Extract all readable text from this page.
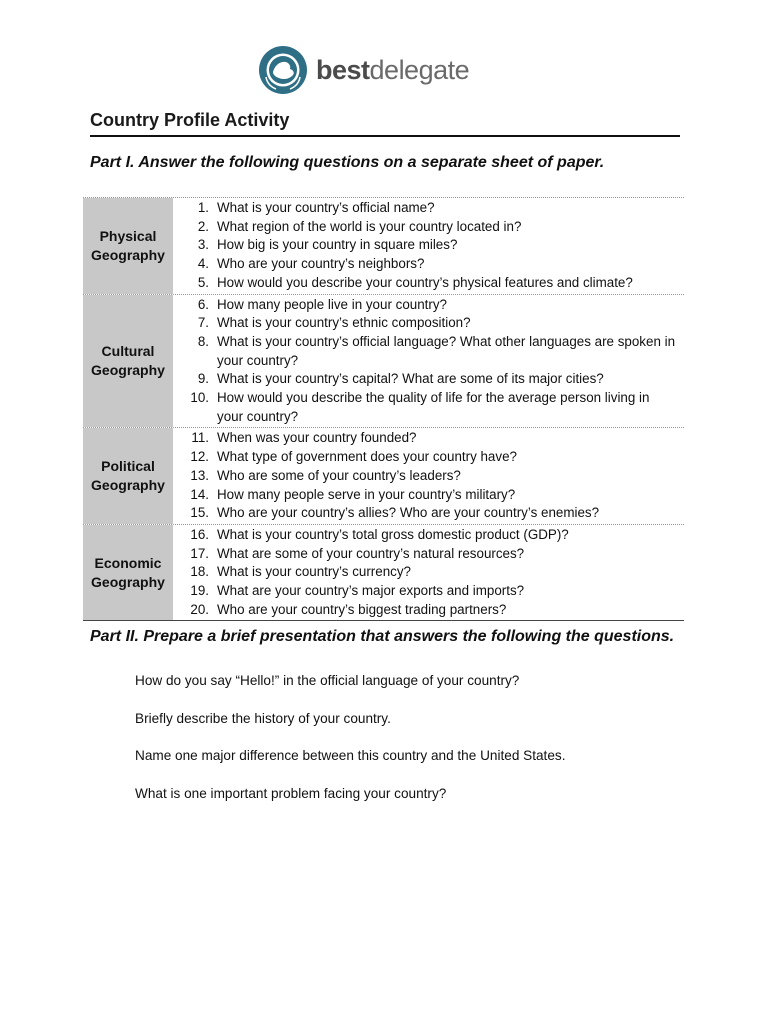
bestdelegate
Country Profile Activity
Part I. Answer the following questions on a separate sheet of paper.
Physical Geography
1. What is your country’s official name?
2. What region of the world is your country located in?
3. How big is your country in square miles?
4. Who are your country’s neighbors?
5. How would you describe your country’s physical features and climate?
Cultural Geography
6. How many people live in your country?
7. What is your country’s ethnic composition?
8. What is your country’s official language? What other languages are spoken in your country?
9. What is your country’s capital? What are some of its major cities?
10. How would you describe the quality of life for the average person living in your country?
Political Geography
11. When was your country founded?
12. What type of government does your country have?
13. Who are some of your country’s leaders?
14. How many people serve in your country’s military?
15. Who are your country’s allies? Who are your country’s enemies?
Economic Geography
16. What is your country’s total gross domestic product (GDP)?
17. What are some of your country’s natural resources?
18. What is your country’s currency?
19. What are your country’s major exports and imports?
20. Who are your country’s biggest trading partners?
Part II. Prepare a brief presentation that answers the following the questions.
How do you say “Hello!” in the official language of your country?
Briefly describe the history of your country.
Name one major difference between this country and the United States.
What is one important problem facing your country?
